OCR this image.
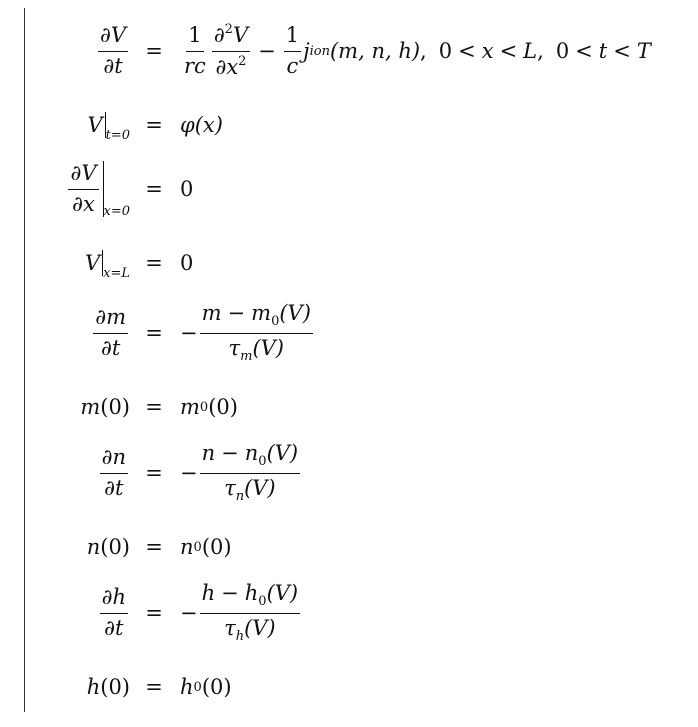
$\frac{\partial V}{\partial t} = \frac{1}{rc} \frac{\partial^2V}{\partial x^2} - \frac{1}{c}$ j ion (m, n, h) , 0 < x < L , 0 < t < T
V t=0 = φ (x)
$\frac{\partial V}{\partial x} x=0$
= 0
V x=L = 0
$\frac{\partial m}{\partial t}$ = − $\frac{m - m_0(V)}{\tau_m(V)}$
m (0) = m 0 (0)
$\frac{\partial n}{\partial t}$ = − $\frac{n - n_0(V)}{\tau_n(V)}$
n (0) = n 0 (0)
$\frac{\partial h}{\partial t}$ = − $\frac{h - h_0(V)}{\tau_h(V)}$
h (0) = h 0 (0)
